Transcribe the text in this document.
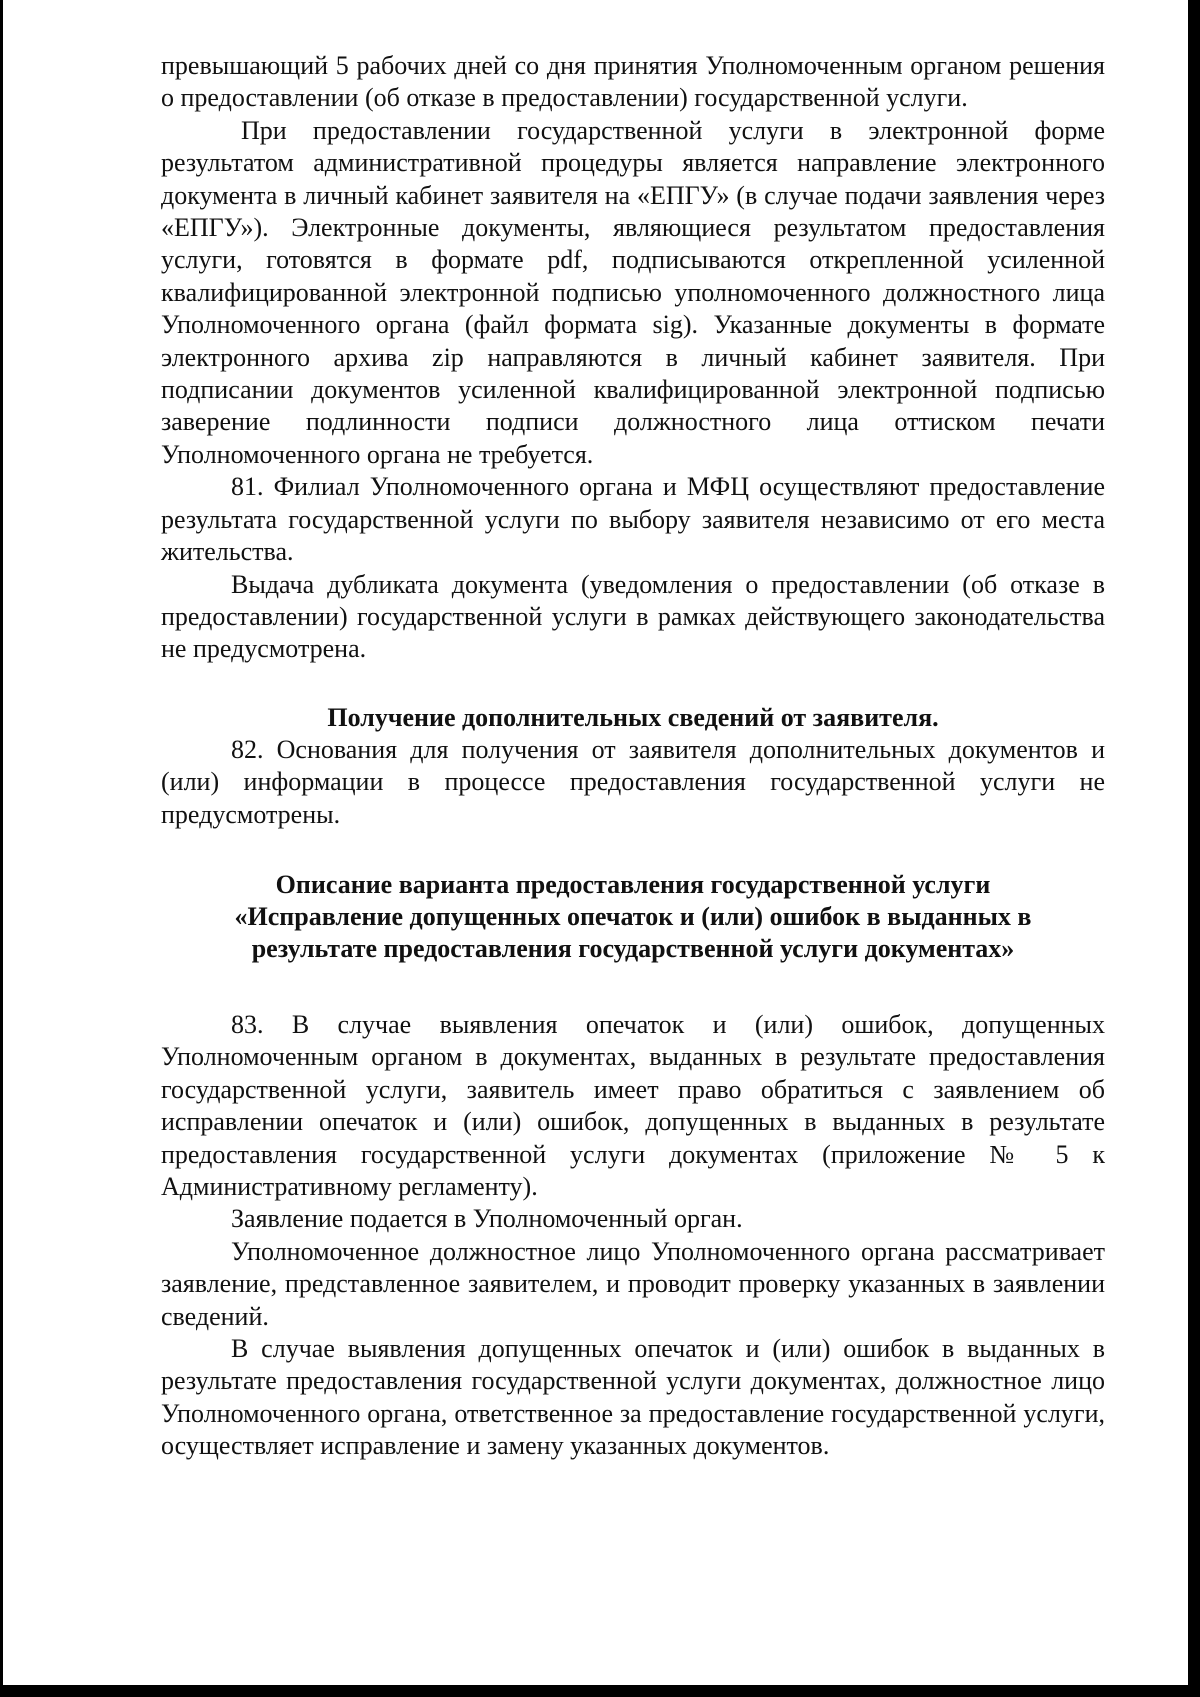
превышающий 5 рабочих дней со дня принятия Уполномоченным органом решения о предоставлении (об отказе в предоставлении) государственной услуги.

При предоставлении государственной услуги в электронной форме результатом административной процедуры является направление электронного документа в личный кабинет заявителя на «ЕПГУ» (в случае подачи заявления через «ЕПГУ»). Электронные документы, являющиеся результатом предоставления услуги, готовятся в формате pdf, подписываются открепленной усиленной квалифицированной электронной подписью уполномоченного должностного лица Уполномоченного органа (файл формата sig). Указанные документы в формате электронного архива zip направляются в личный кабинет заявителя. При подписании документов усиленной квалифицированной электронной подписью заверение подлинности подписи должностного лица оттиском печати Уполномоченного органа не требуется.

81. Филиал Уполномоченного органа и МФЦ осуществляют предоставление результата государственной услуги по выбору заявителя независимо от его места жительства.

Выдача дубликата документа (уведомления о предоставлении (об отказе в предоставлении) государственной услуги в рамках действующего законодательства не предусмотрена.

Получение дополнительных сведений от заявителя.

82. Основания для получения от заявителя дополнительных документов и (или) информации в процессе предоставления государственной услуги не предусмотрены.

Описание варианта предоставления государственной услуги

«Исправление допущенных опечаток и (или) ошибок в выданных в

результате предоставления государственной услуги документах»

83. В случае выявления опечаток и (или) ошибок, допущенных Уполномоченным органом в документах, выданных в результате предоставления государственной услуги, заявитель имеет право обратиться с заявлением об исправлении опечаток и (или) ошибок, допущенных в выданных в результате предоставления государственной услуги документах (приложение № 5 к Административному регламенту).

Заявление подается в Уполномоченный орган.

Уполномоченное должностное лицо Уполномоченного органа рассматривает заявление, представленное заявителем, и проводит проверку указанных в заявлении сведений.

В случае выявления допущенных опечаток и (или) ошибок в выданных в результате предоставления государственной услуги документах, должностное лицо Уполномоченного органа, ответственное за предоставление государственной услуги, осуществляет исправление и замену указанных документов.
